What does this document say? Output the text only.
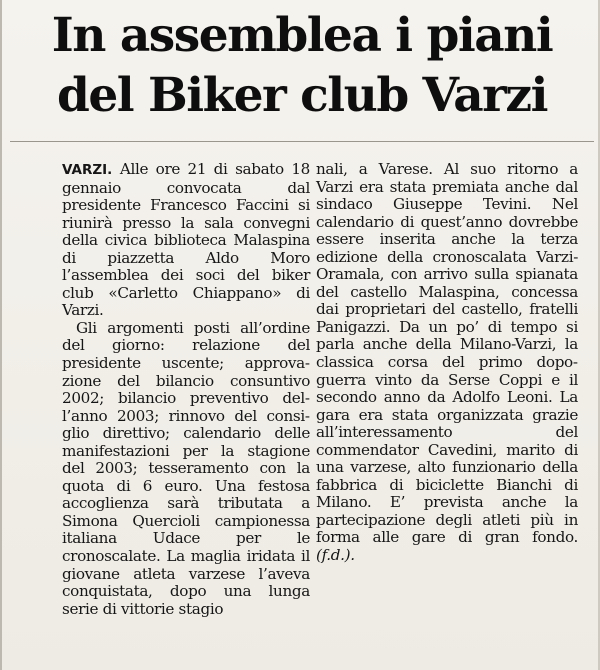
In assemblea i piani
del Biker club Varzi

VARZI. Alle ore 21 di sabato 18 gennaio convocata dal presidente Francesco Faccini si riunirà presso la sala convegni della civica biblioteca Malaspina di piazzetta Aldo Moro l’assemblea dei soci del biker club «Carletto Chiappano» di Varzi.

Gli argomenti posti all’ordine del giorno: relazione del presidente uscente; approvazione del bilancio consuntivo 2002; bilancio preventivo dell’anno 2003; rinnovo del consiglio direttivo; calendario delle manifestazioni per la stagione del 2003; tesseramento con la quota di 6 euro. Una festosa accoglienza sarà tributata a Simona Quercioli campionessa italiana Udace per le cronoscalate. La maglia iridata il giovane atleta varzese l’aveva conquistata, dopo una lunga serie di vittorie stagio

nali, a Varese. Al suo ritorno a Varzi era stata premiata anche dal sindaco Giuseppe Tevini. Nel calendario di quest’anno dovrebbe essere inserita anche la terza edizione della cronoscalata Varzi-Oramala, con arrivo sulla spianata del castello Malaspina, concessa dai proprietari del castello, fratelli Panigazzi. Da un po’ di tempo si parla anche della Milano-Varzi, la classica corsa del primo dopoguerra vinto da Serse Coppi e il secondo anno da Adolfo Leoni. La gara era stata organizzata grazie all’interessamento del commendator Cavedini, marito di una varzese, alto funzionario della fabbrica di biciclette Bianchi di Milano. E’ prevista anche la partecipazione degli atleti più in forma alle gare di gran fondo. (f.d.).
